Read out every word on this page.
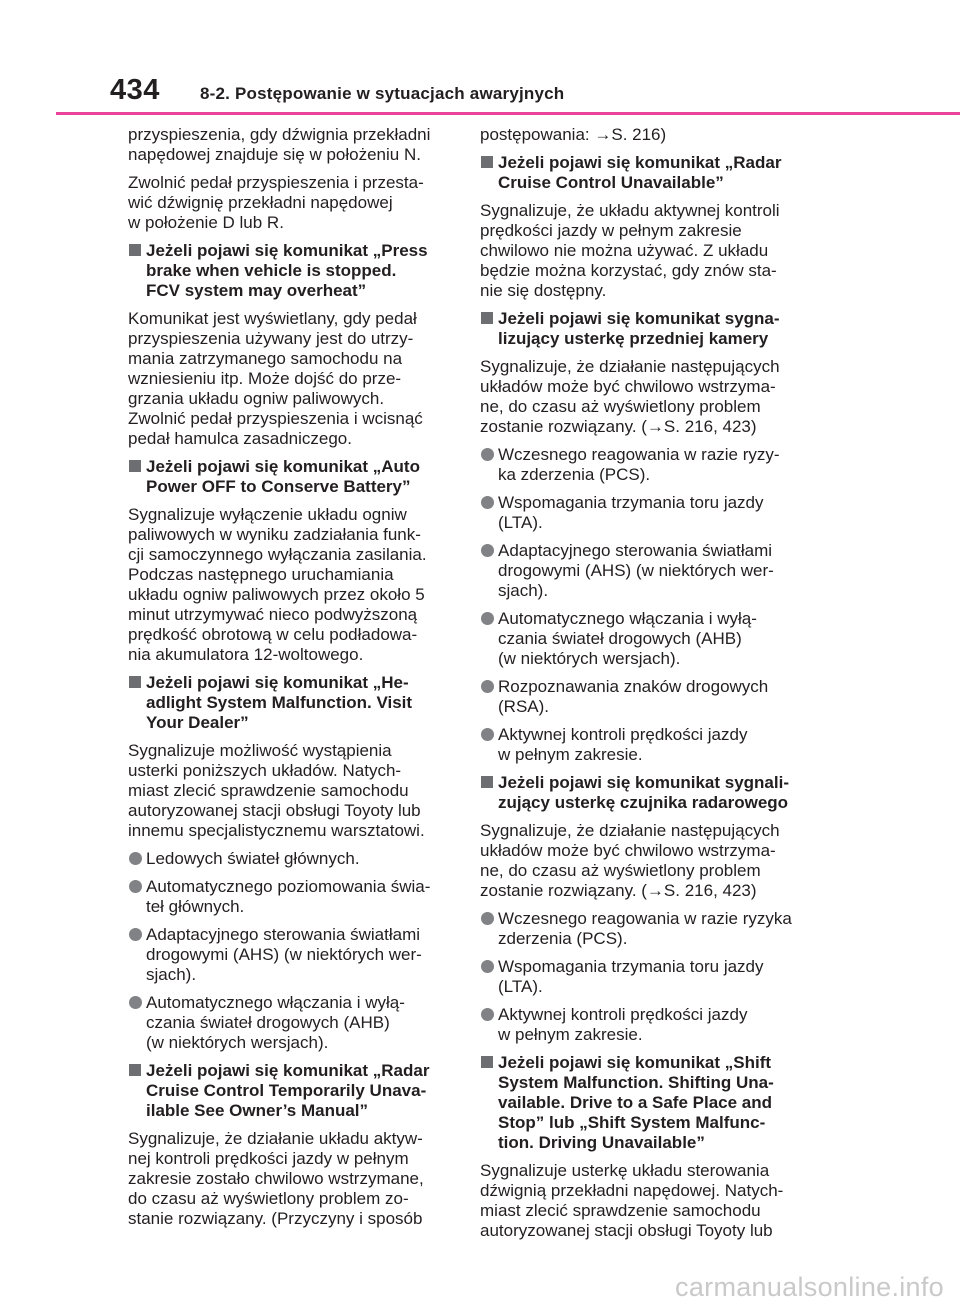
434 8-2. Postępowanie w sytuacjach awaryjnych
przyspieszenia, gdy dźwignia przekładni
napędowej znajduje się w położeniu N.
Zwolnić pedał przyspieszenia i przesta-
wić dźwignię przekładni napędowej
w położenie D lub R.
Jeżeli pojawi się komunikat „Press
brake when vehicle is stopped.
FCV system may overheat”
Komunikat jest wyświetlany, gdy pedał
przyspieszenia używany jest do utrzy-
mania zatrzymanego samochodu na
wzniesieniu itp. Może dojść do prze-
grzania układu ogniw paliwowych.
Zwolnić pedał przyspieszenia i wcisnąć
pedał hamulca zasadniczego.
Jeżeli pojawi się komunikat „Auto
Power OFF to Conserve Battery”
Sygnalizuje wyłączenie układu ogniw
paliwowych w wyniku zadziałania funk-
cji samoczynnego wyłączania zasilania.
Podczas następnego uruchamiania
układu ogniw paliwowych przez około 5
minut utrzymywać nieco podwyższoną
prędkość obrotową w celu podładowa-
nia akumulatora 12-woltowego.
Jeżeli pojawi się komunikat „He-
adlight System Malfunction. Visit
Your Dealer”
Sygnalizuje możliwość wystąpienia
usterki poniższych układów. Natych-
miast zlecić sprawdzenie samochodu
autoryzowanej stacji obsługi Toyoty lub
innemu specjalistycznemu warsztatowi.
Ledowych świateł głównych.
Automatycznego poziomowania świa-
teł głównych.
Adaptacyjnego sterowania światłami
drogowymi (AHS) (w niektórych wer-
sjach).
Automatycznego włączania i wyłą-
czania świateł drogowych (AHB)
(w niektórych wersjach).
Jeżeli pojawi się komunikat „Radar
Cruise Control Temporarily Unava-
ilable See Owner’s Manual”
Sygnalizuje, że działanie układu aktyw-
nej kontroli prędkości jazdy w pełnym
zakresie zostało chwilowo wstrzymane,
do czasu aż wyświetlony problem zo-
stanie rozwiązany. (Przyczyny i sposób
postępowania: →S. 216)
Jeżeli pojawi się komunikat „Radar
Cruise Control Unavailable”
Sygnalizuje, że układu aktywnej kontroli
prędkości jazdy w pełnym zakresie
chwilowo nie można używać. Z układu
będzie można korzystać, gdy znów sta-
nie się dostępny.
Jeżeli pojawi się komunikat sygna-
lizujący usterkę przedniej kamery
Sygnalizuje, że działanie następujących
układów może być chwilowo wstrzyma-
ne, do czasu aż wyświetlony problem
zostanie rozwiązany. (→S. 216, 423)
Wczesnego reagowania w razie ryzy-
ka zderzenia (PCS).
Wspomagania trzymania toru jazdy
(LTA).
Adaptacyjnego sterowania światłami
drogowymi (AHS) (w niektórych wer-
sjach).
Automatycznego włączania i wyłą-
czania świateł drogowych (AHB)
(w niektórych wersjach).
Rozpoznawania znaków drogowych
(RSA).
Aktywnej kontroli prędkości jazdy
w pełnym zakresie.
Jeżeli pojawi się komunikat sygnali-
zujący usterkę czujnika radarowego
Sygnalizuje, że działanie następujących
układów może być chwilowo wstrzyma-
ne, do czasu aż wyświetlony problem
zostanie rozwiązany. (→S. 216, 423)
Wczesnego reagowania w razie ryzyka
zderzenia (PCS).
Wspomagania trzymania toru jazdy
(LTA).
Aktywnej kontroli prędkości jazdy
w pełnym zakresie.
Jeżeli pojawi się komunikat „Shift
System Malfunction. Shifting Una-
vailable. Drive to a Safe Place and
Stop” lub „Shift System Malfunc-
tion. Driving Unavailable”
Sygnalizuje usterkę układu sterowania
dźwignią przekładni napędowej. Natych-
miast zlecić sprawdzenie samochodu
autoryzowanej stacji obsługi Toyoty lub
carmanualsonline.info
